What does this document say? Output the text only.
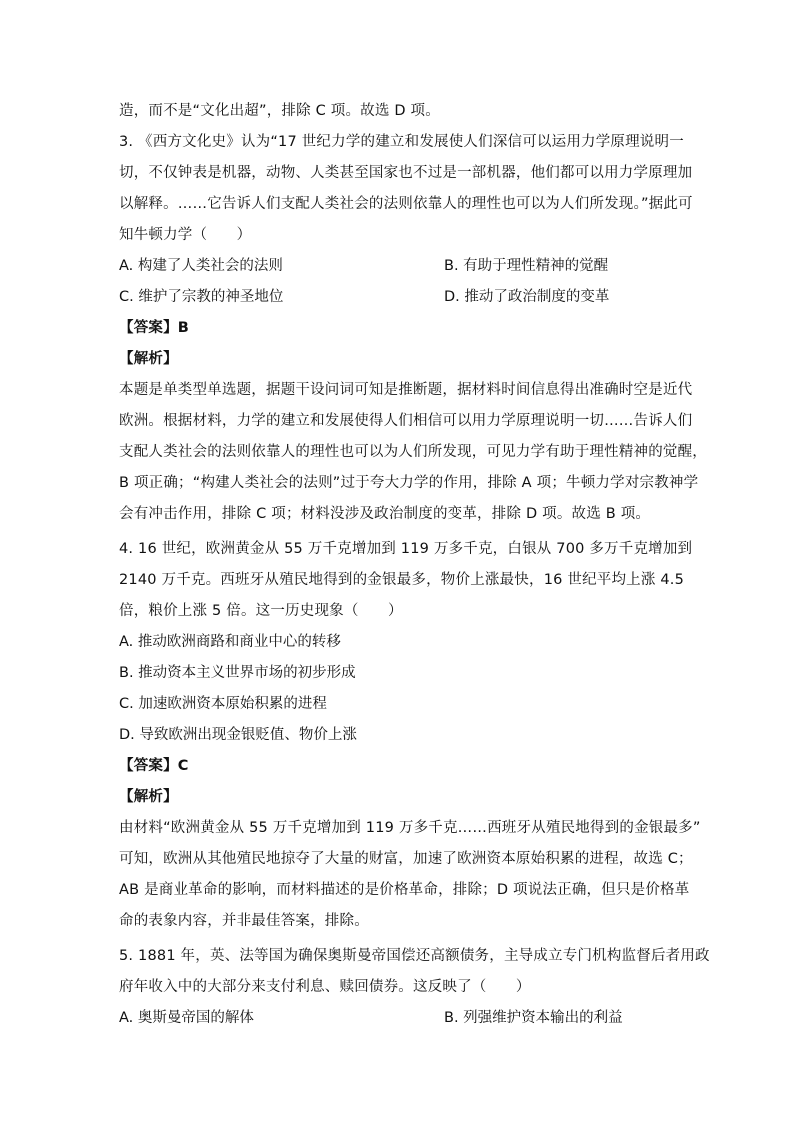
造，而不是“文化出超”，排除 C 项。故选 D 项。
3. 《西方文化史》认为“17 世纪力学的建立和发展使人们深信可以运用力学原理说明一
切，不仅钟表是机器，动物、人类甚至国家也不过是一部机器，他们都可以用力学原理加
以解释。……它告诉人们支配人类社会的法则依靠人的理性也可以为人们所发现。”据此可
知牛顿力学（　　）
A. 构建了人类社会的法则	B. 有助于理性精神的觉醒
C. 维护了宗教的神圣地位	D. 推动了政治制度的变革
【答案】B
【解析】
本题是单类型单选题，据题干设问词可知是推断题，据材料时间信息得出准确时空是近代
欧洲。根据材料，力学的建立和发展使得人们相信可以用力学原理说明一切……告诉人们
支配人类社会的法则依靠人的理性也可以为人们所发现，可见力学有助于理性精神的觉醒，
B 项正确；“构建人类社会的法则”过于夸大力学的作用，排除 A 项；牛顿力学对宗教神学
会有冲击作用，排除 C 项；材料没涉及政治制度的变革，排除 D 项。故选 B 项。
4. 16 世纪，欧洲黄金从 55 万千克增加到 119 万多千克，白银从 700 多万千克增加到
2140 万千克。西班牙从殖民地得到的金银最多，物价上涨最快，16 世纪平均上涨 4.5
倍，粮价上涨 5 倍。这一历史现象（　　）
A. 推动欧洲商路和商业中心的转移
B. 推动资本主义世界市场的初步形成
C. 加速欧洲资本原始积累的进程
D. 导致欧洲出现金银贬值、物价上涨
【答案】C
【解析】
由材料“欧洲黄金从 55 万千克增加到 119 万多千克……西班牙从殖民地得到的金银最多”
可知，欧洲从其他殖民地掠夺了大量的财富，加速了欧洲资本原始积累的进程，故选 C；
AB 是商业革命的影响，而材料描述的是价格革命，排除；D 项说法正确，但只是价格革
命的表象内容，并非最佳答案，排除。
5. 1881 年，英、法等国为确保奥斯曼帝国偿还高额债务，主导成立专门机构监督后者用政
府年收入中的大部分来支付利息、赎回债券。这反映了（　　）
A. 奥斯曼帝国的解体	B. 列强维护资本输出的利益
